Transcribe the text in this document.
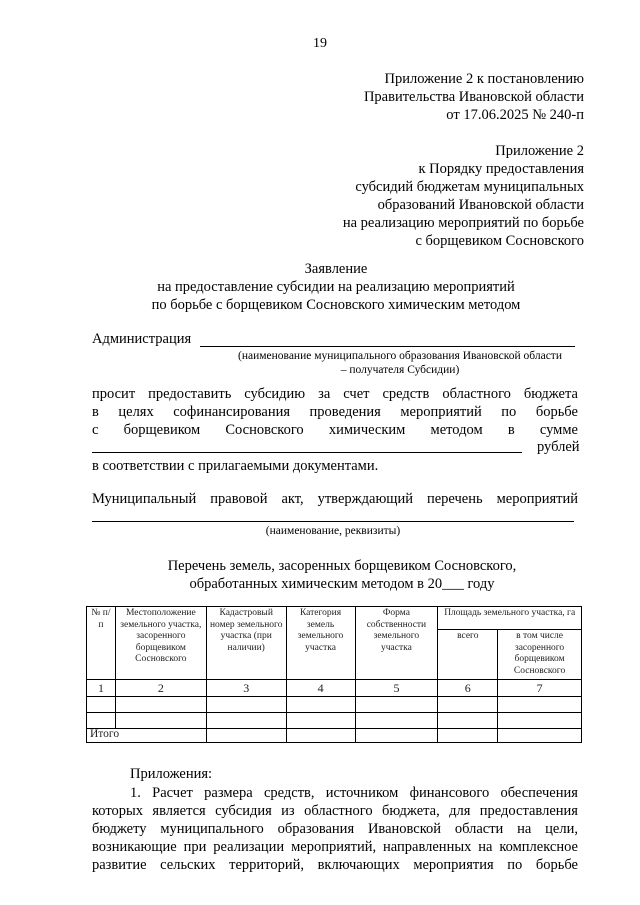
19
Приложение 2 к постановлению
Правительства Ивановской области
от 17.06.2025 № 240-п
Приложение 2
к Порядку предоставления
субсидий бюджетам муниципальных
образований Ивановской области
на реализацию мероприятий по борьбе
с борщевиком Сосновского
Заявление
на предоставление субсидии на реализацию мероприятий
по борьбе с борщевиком Сосновского химическим методом
Администрация
(наименование муниципального образования Ивановской области
– получателя Субсидии)
просит предоставить субсидию за счет средств областного бюджета
в целях софинансирования проведения мероприятий по борьбе
с борщевиком Сосновского химическим методом в сумме
рублей
в соответствии с прилагаемыми документами.
Муниципальный правовой акт, утверждающий перечень мероприятий
(наименование, реквизиты)
Перечень земель, засоренных борщевиком Сосновского,
обработанных химическим методом в 20___ году
№ п/п	Местоположение земельного участка, засоренного борщевиком Сосновского	Кадастровый номер земельного участка (при наличии)	Категория земель земельного участка	Форма собственности земельного участка	Площадь земельного участка, га	
					всего	в том числе засоренного борщевиком Сосновского
1	2	3	4	5	6	7

Итого						
Приложения:
1. Расчет размера средств, источником финансового обеспечения
которых является субсидия из областного бюджета, для предоставления
бюджету муниципального образования Ивановской области на цели,
возникающие при реализации мероприятий, направленных на комплексное
развитие сельских территорий, включающих мероприятия по борьбе
